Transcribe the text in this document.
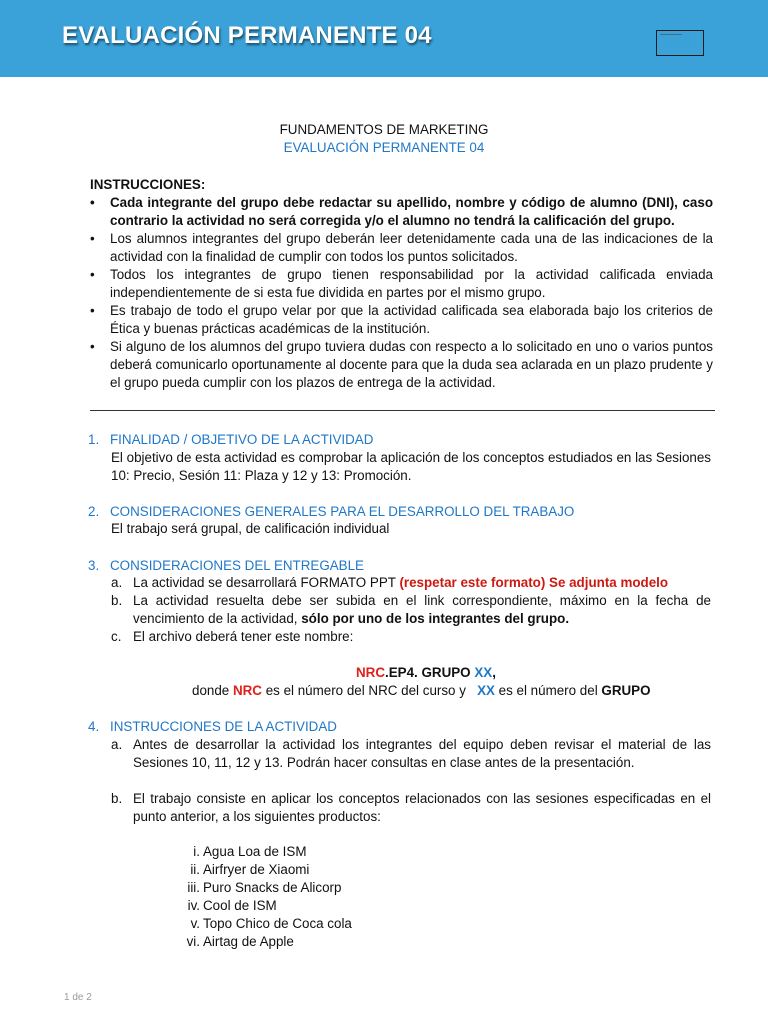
EVALUACIÓN PERMANENTE 04
FUNDAMENTOS DE MARKETING
EVALUACIÓN PERMANENTE 04
INSTRUCCIONES:
• Cada integrante del grupo debe redactar su apellido, nombre y código de alumno (DNI), caso contrario la actividad no será corregida y/o el alumno no tendrá la calificación del grupo.
• Los alumnos integrantes del grupo deberán leer detenidamente cada una de las indicaciones de la actividad con la finalidad de cumplir con todos los puntos solicitados.
• Todos los integrantes de grupo tienen responsabilidad por la actividad calificada enviada independientemente de si esta fue dividida en partes por el mismo grupo.
• Es trabajo de todo el grupo velar por que la actividad calificada sea elaborada bajo los criterios de Ética y buenas prácticas académicas de la institución.
• Si alguno de los alumnos del grupo tuviera dudas con respecto a lo solicitado en uno o varios puntos deberá comunicarlo oportunamente al docente para que la duda sea aclarada en un plazo prudente y el grupo pueda cumplir con los plazos de entrega de la actividad.
1. FINALIDAD / OBJETIVO DE LA ACTIVIDAD
El objetivo de esta actividad es comprobar la aplicación de los conceptos estudiados en las Sesiones 10: Precio, Sesión 11: Plaza y 12 y 13: Promoción.
2. CONSIDERACIONES GENERALES PARA EL DESARROLLO DEL TRABAJO
El trabajo será grupal, de calificación individual
3. CONSIDERACIONES DEL ENTREGABLE
a. La actividad se desarrollará FORMATO PPT (respetar este formato) Se adjunta modelo
b. La actividad resuelta debe ser subida en el link correspondiente, máximo en la fecha de vencimiento de la actividad, sólo por uno de los integrantes del grupo.
c. El archivo deberá tener este nombre:
NRC.EP4. GRUPO XX,
donde NRC es el número del NRC del curso y   XX es el número del GRUPO
4. INSTRUCCIONES DE LA ACTIVIDAD
a. Antes de desarrollar la actividad los integrantes del equipo deben revisar el material de las Sesiones 10, 11, 12 y 13. Podrán hacer consultas en clase antes de la presentación.
b. El trabajo consiste en aplicar los conceptos relacionados con las sesiones especificadas en el punto anterior, a los siguientes productos:
i. Agua Loa de ISM
ii. Airfryer de Xiaomi
iii. Puro Snacks de Alicorp
iv. Cool de ISM
v. Topo Chico de Coca cola
vi. Airtag de Apple
1 de 2
